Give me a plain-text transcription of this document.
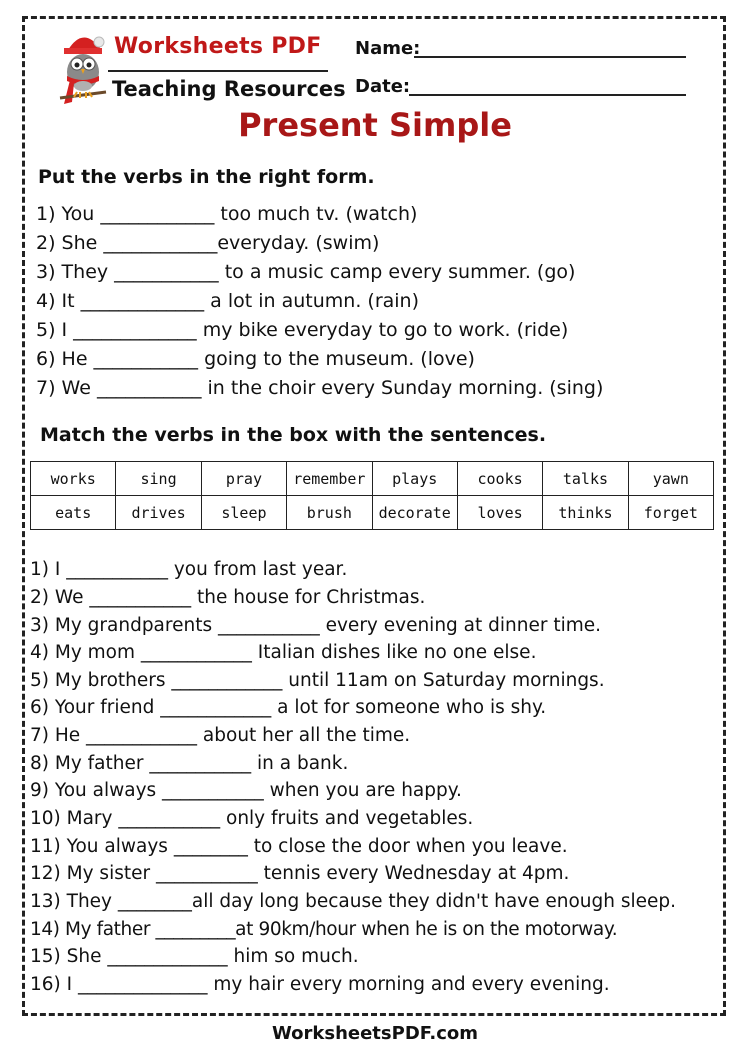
Worksheets PDF
Teaching Resources
Name:
Date:
Present Simple
Put the verbs in the right form.
1) You ____________ too much tv. (watch)
2) She ____________everyday. (swim)
3) They ___________ to a music camp every summer. (go)
4) It _____________ a lot in autumn. (rain)
5) I _____________ my bike everyday to go to work. (ride)
6) He ___________ going to the museum. (love)
7) We ___________ in the choir every Sunday morning. (sing)
Match the verbs in the box with the sentences.
works	sing	pray	remember	plays	cooks	talks	yawn
eats	drives	sleep	brush	decorate	loves	thinks	forget
1) I ___________ you from last year.
2) We ___________ the house for Christmas.
3) My grandparents ___________ every evening at dinner time.
4) My mom ____________ Italian dishes like no one else.
5) My brothers ____________ until 11am on Saturday mornings.
6) Your friend ____________ a lot for someone who is shy.
7) He ____________ about her all the time.
8) My father ___________ in a bank.
9) You always ___________ when you are happy.
10) Mary ___________ only fruits and vegetables.
11) You always ________ to close the door when you leave.
12) My sister ___________ tennis every Wednesday at 4pm.
13) They ________all day long because they didn't have enough sleep.
14) My father _________at 90km/hour when he is on the motorway.
15) She _____________ him so much.
16) I ______________ my hair every morning and every evening.
WorksheetsPDF.com
